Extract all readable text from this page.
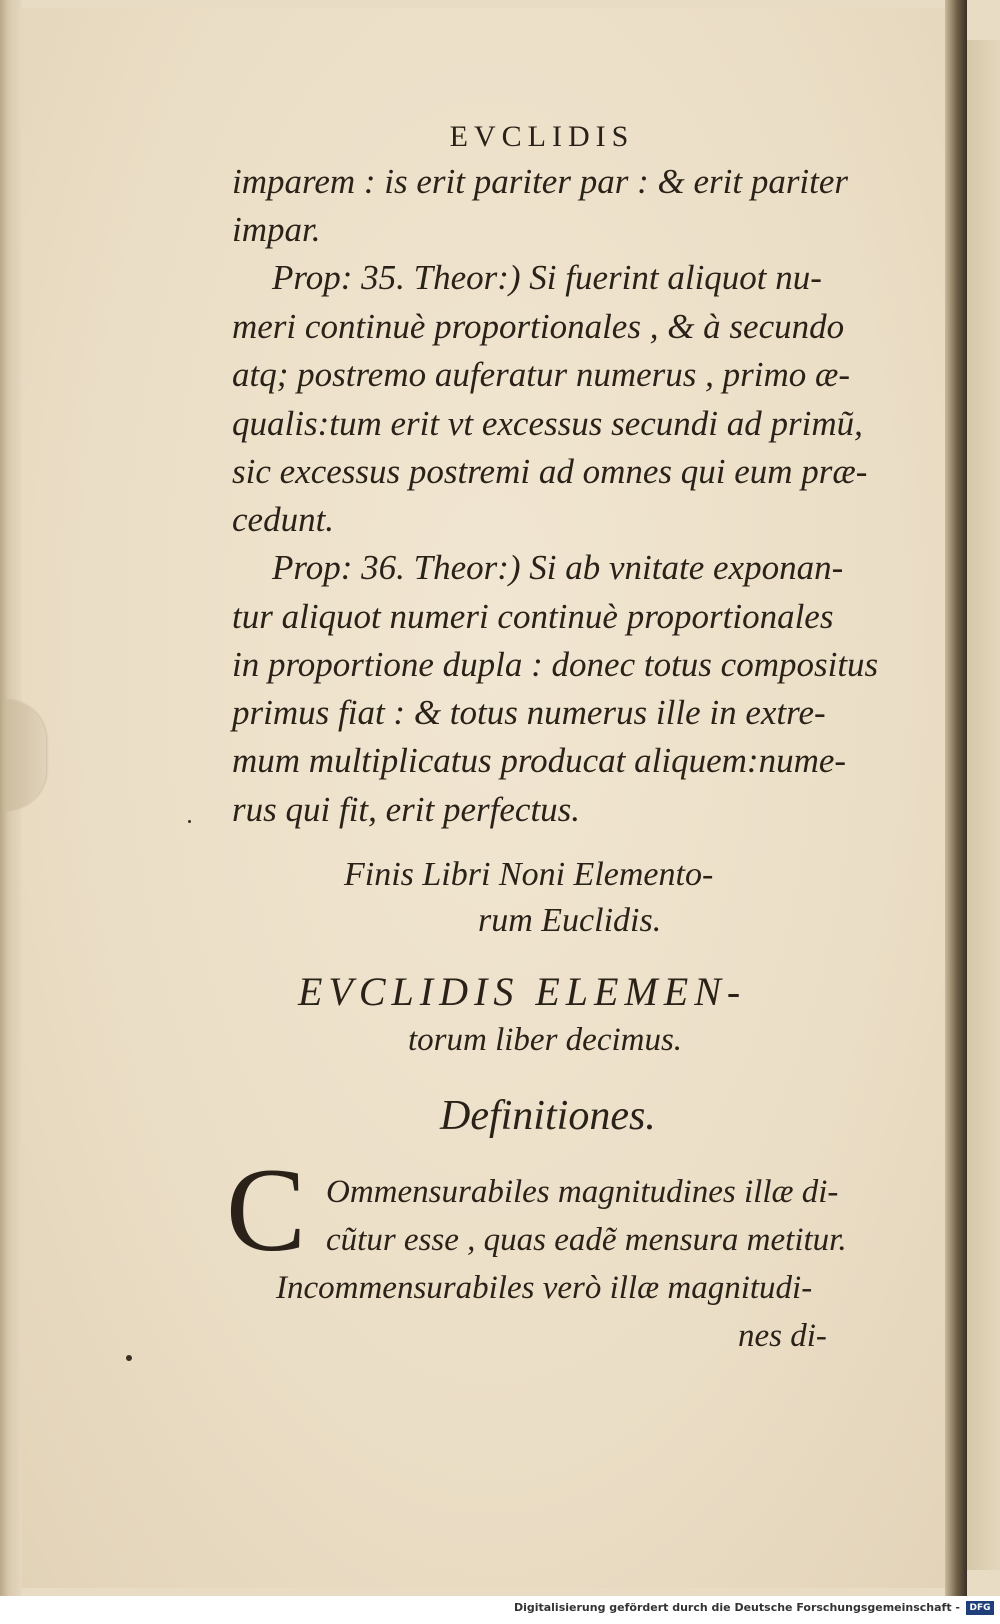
EVCLIDIS
imparem : is erit pariter par : & erit pariter
impar.
Prop: 35. Theor:) Si fuerint aliquot nu-
meri continuè proportionales , & à secundo
atq; postremo auferatur numerus , primo æ-
qualis:tum erit vt excessus secundi ad primũ,
sic excessus postremi ad omnes qui eum præ-
cedunt.
Prop: 36. Theor:) Si ab vnitate exponan-
tur aliquot numeri continuè proportionales
in proportione dupla : donec totus compositus
primus fiat : & totus numerus ille in extre-
mum multiplicatus producat aliquem:nume-
rus qui fit, erit perfectus.
Finis Libri Noni Elemento-
rum Euclidis.
EVCLIDIS ELEMEN-
torum liber decimus.
Definitiones.
C Ommensurabiles magnitudines illæ di-
cũtur esse , quas eadẽ mensura metitur.
Incommensurabiles verò illæ magnitudi-
nes di-
Digitalisierung gefördert durch die Deutsche Forschungsgemeinschaft -	DFG
